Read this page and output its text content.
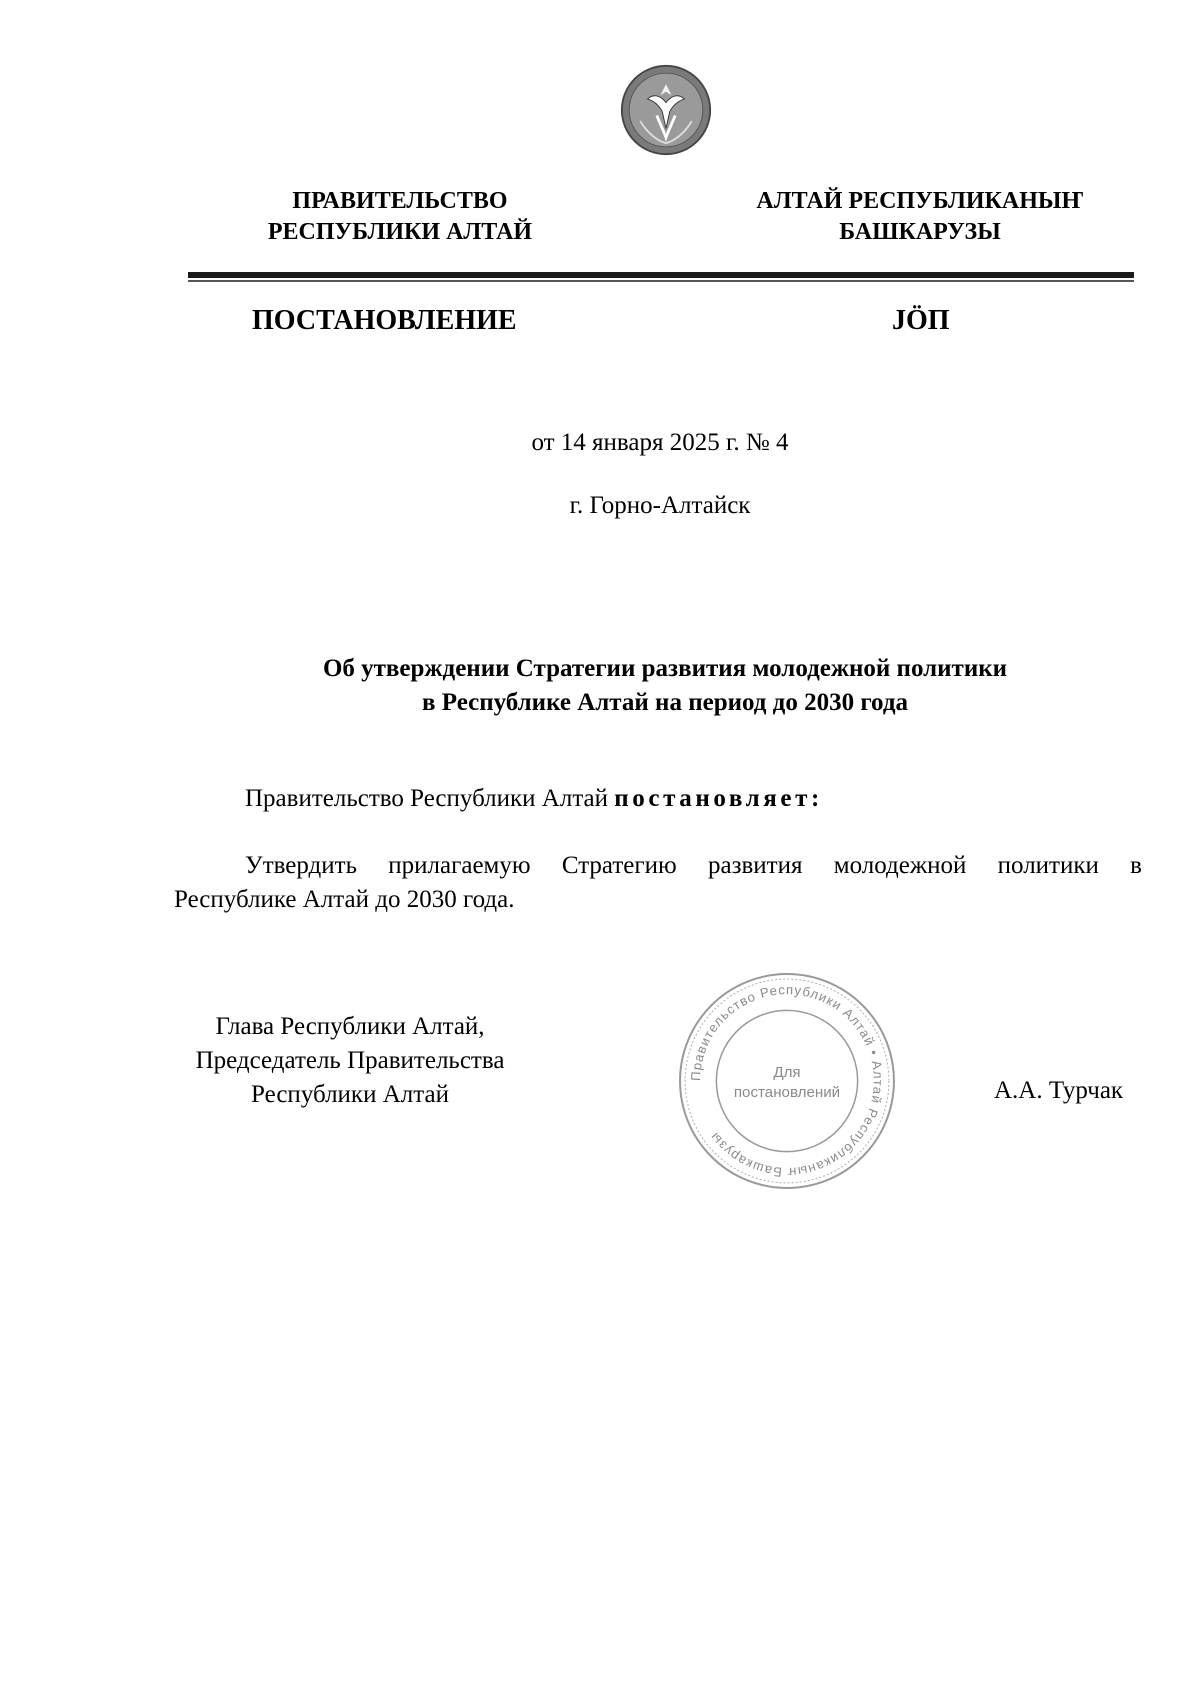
ПРАВИТЕЛЬСТВО
РЕСПУБЛИКИ АЛТАЙ
АЛТАЙ РЕСПУБЛИКАНЫҤ
БАШКАРУЗЫ
ПОСТАНОВЛЕНИЕ	JÖП
от 14 января 2025 г. № 4
г. Горно-Алтайск
Об утверждении Стратегии развития молодежной политики
в Республике Алтай на период до 2030 года
Правительство Республики Алтай постановляет:
Утвердить прилагаемую Стратегию развития молодежной политики в
Республике Алтай до 2030 года.
Глава Республики Алтай,
Председатель Правительства
Республики Алтай
Правительство Республики Алтай • Алтай Республиканыҥ Башкарузы
Для
постановлений	А.А. Турчак
